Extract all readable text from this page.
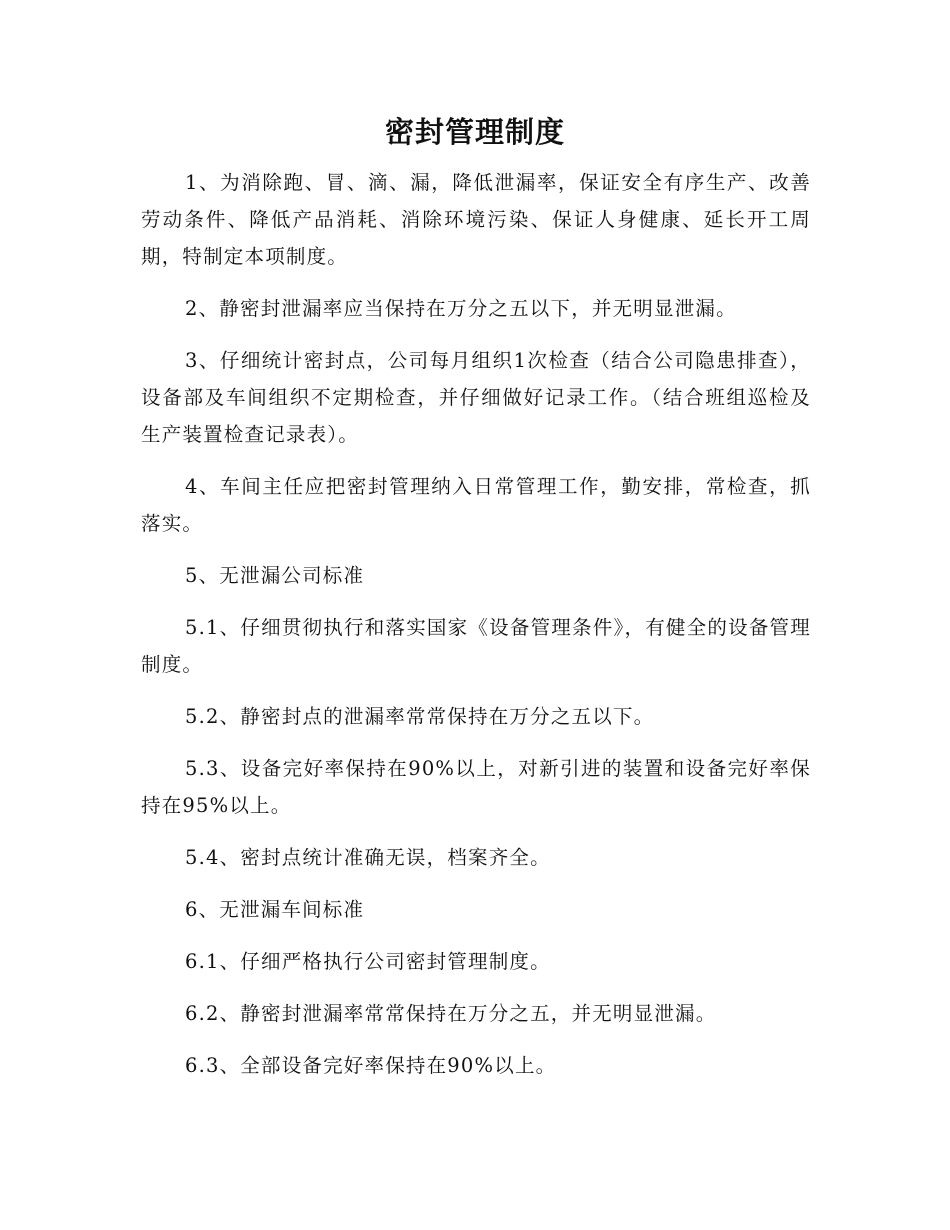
密封管理制度

1、为消除跑、冒、滴、漏，降低泄漏率，保证安全有序生产、改善劳动条件、降低产品消耗、消除环境污染、保证人身健康、延长开工周期，特制定本项制度。

2、静密封泄漏率应当保持在万分之五以下，并无明显泄漏。

3、仔细统计密封点，公司每月组织1次检查（结合公司隐患排查），设备部及车间组织不定期检查，并仔细做好记录工作。（结合班组巡检及生产装置检查记录表）。

4、车间主任应把密封管理纳入日常管理工作，勤安排，常检查，抓落实。

5、无泄漏公司标准

5.1、仔细贯彻执行和落实国家《设备管理条件》，有健全的设备管理制度。

5.2、静密封点的泄漏率常常保持在万分之五以下。

5.3、设备完好率保持在90%以上，对新引进的装置和设备完好率保持在95%以上。

5.4、密封点统计准确无误，档案齐全。

6、无泄漏车间标准

6.1、仔细严格执行公司密封管理制度。

6.2、静密封泄漏率常常保持在万分之五，并无明显泄漏。

6.3、全部设备完好率保持在90%以上。
